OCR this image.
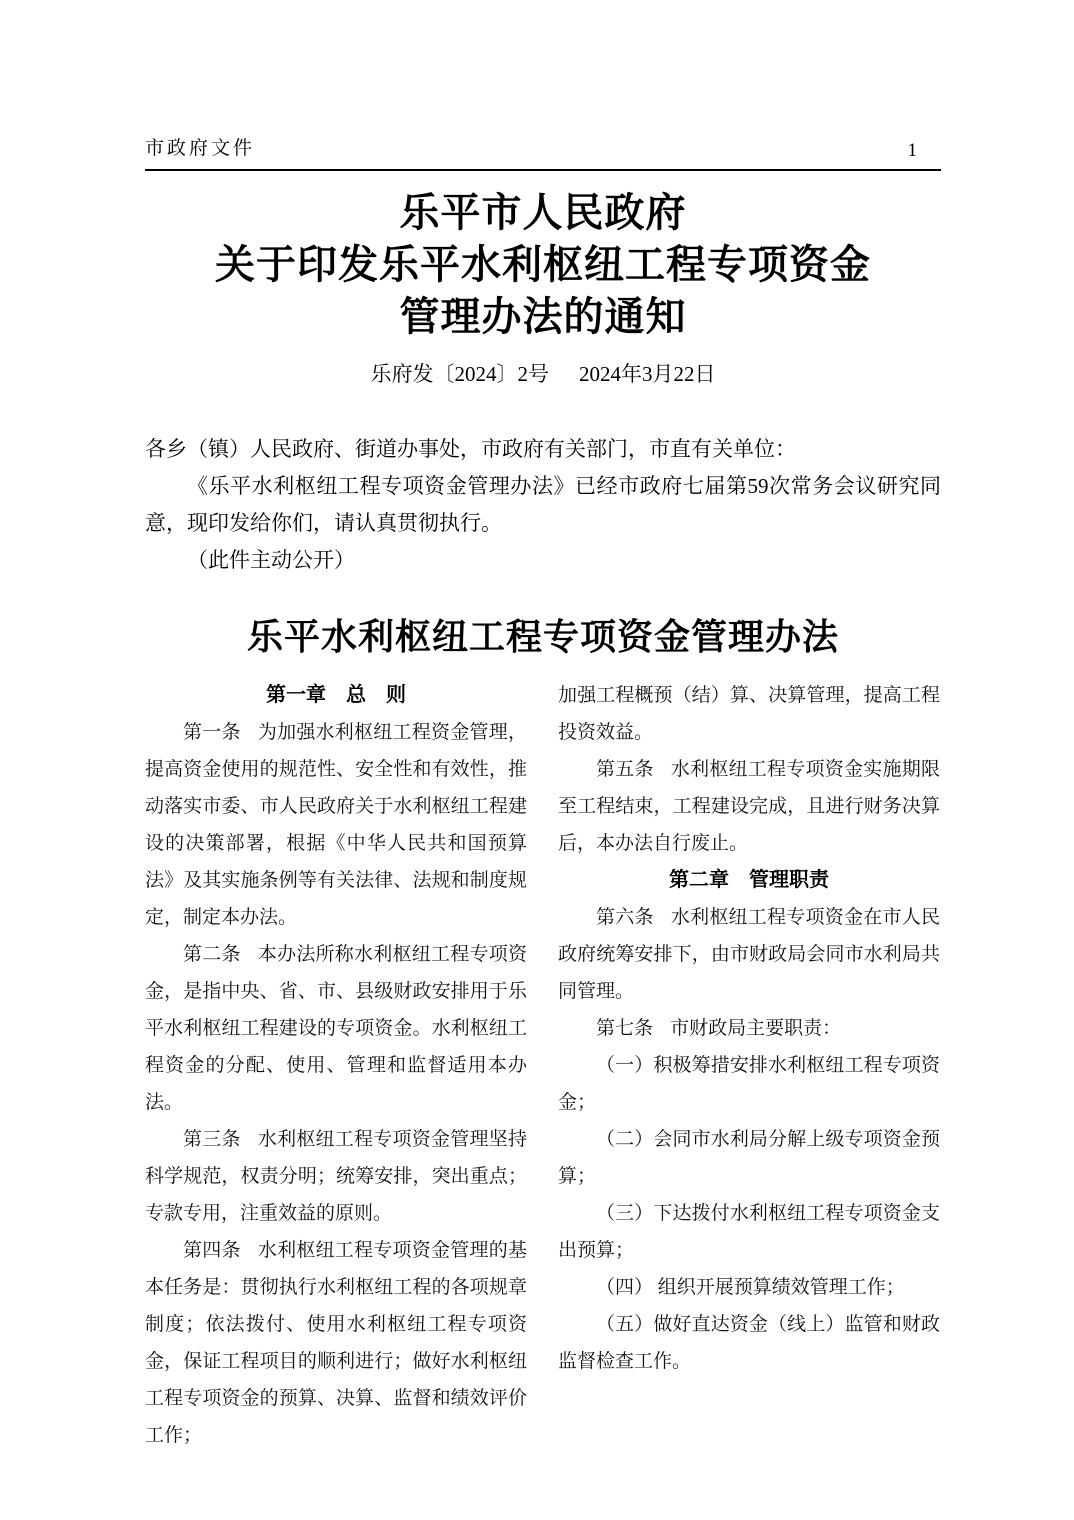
市政府文件	1
乐平市人民政府
关于印发乐平水利枢纽工程专项资金
管理办法的通知
乐府发〔2024〕2号 2024年3月22日

各乡（镇）人民政府、街道办事处，市政府有关部门，市直有关单位：

《乐平水利枢纽工程专项资金管理办法》已经市政府七届第59次常务会议研究同意，现印发给你们，请认真贯彻执行。

（此件主动公开）

乐平水利枢纽工程专项资金管理办法

第一章　总　则

第一条 为加强水利枢纽工程资金管理，提高资金使用的规范性、安全性和有效性，推动落实市委、市人民政府关于水利枢纽工程建设的决策部署，根据《中华人民共和国预算法》及其实施条例等有关法律、法规和制度规定，制定本办法。

第二条 本办法所称水利枢纽工程专项资金，是指中央、省、市、县级财政安排用于乐平水利枢纽工程建设的专项资金。水利枢纽工程资金的分配、使用、管理和监督适用本办法。

第三条 水利枢纽工程专项资金管理坚持科学规范，权责分明；统筹安排，突出重点；专款专用，注重效益的原则。

第四条 水利枢纽工程专项资金管理的基本任务是：贯彻执行水利枢纽工程的各项规章制度；依法拨付、使用水利枢纽工程专项资金，保证工程项目的顺利进行；做好水利枢纽工程专项资金的预算、决算、监督和绩效评价工作；

加强工程概预（结）算、决算管理，提高工程投资效益。

第五条 水利枢纽工程专项资金实施期限至工程结束，工程建设完成，且进行财务决算后，本办法自行废止。

第二章　管理职责

第六条 水利枢纽工程专项资金在市人民政府统筹安排下，由市财政局会同市水利局共同管理。

第七条 市财政局主要职责：

（一）积极筹措安排水利枢纽工程专项资金；

（二）会同市水利局分解上级专项资金预算；

（三）下达拨付水利枢纽工程专项资金支出预算；

（四） 组织开展预算绩效管理工作；

（五）做好直达资金（线上）监管和财政监督检查工作。
